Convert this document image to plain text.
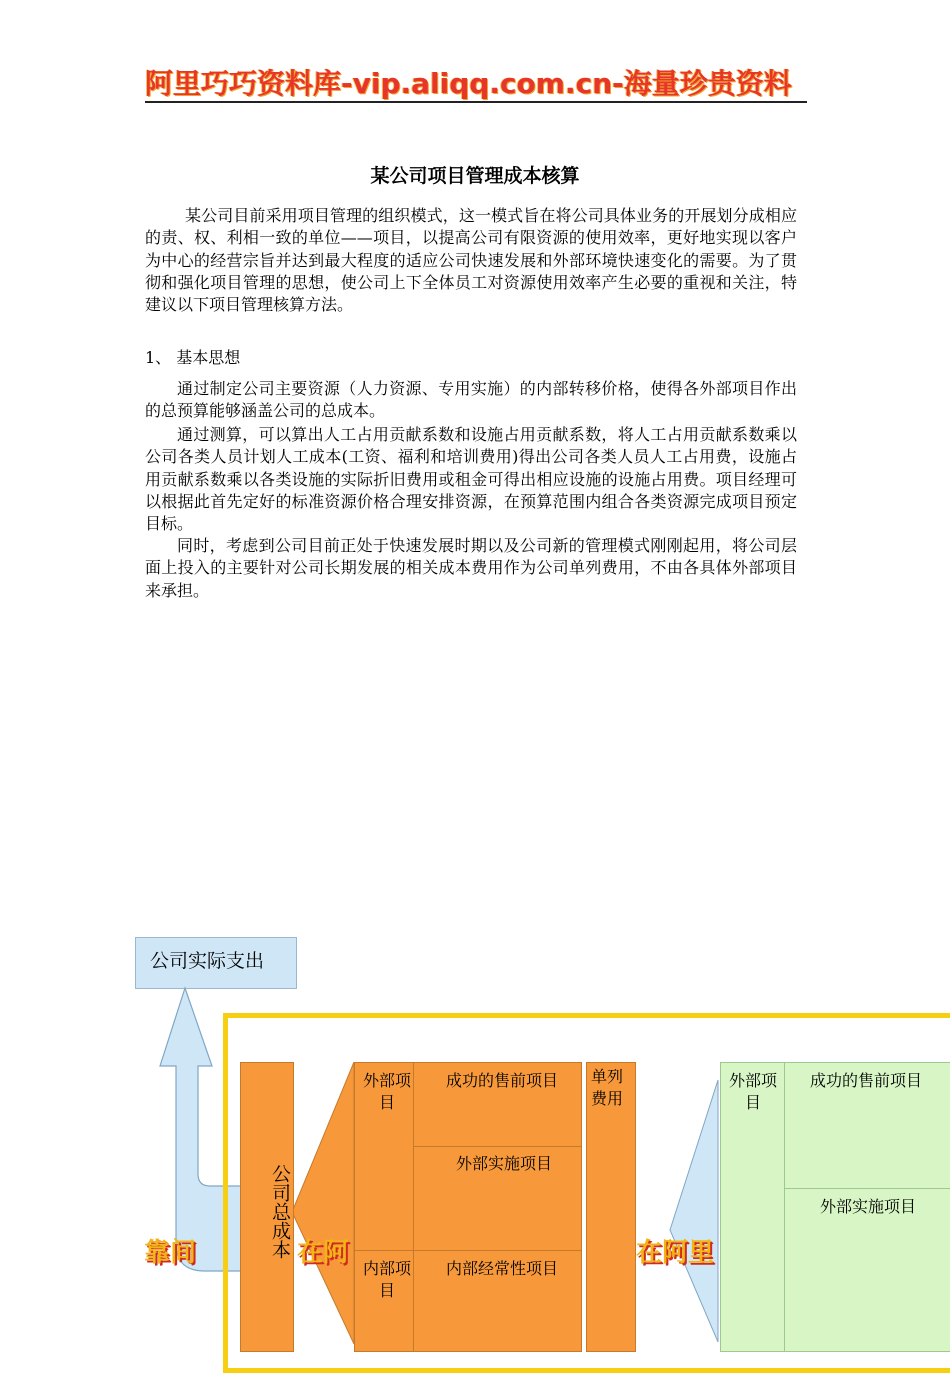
阿里巧巧资料库-vip.aliqq.com.cn-海量珍贵资料
某公司项目管理成本核算

某公司目前采用项目管理的组织模式，这一模式旨在将公司具体业务的开展划分成相应的责、权、利相一致的单位——项目，以提高公司有限资源的使用效率，更好地实现以客户为中心的经营宗旨并达到最大程度的适应公司快速发展和外部环境快速变化的需要。为了贯彻和强化项目管理的思想，使公司上下全体员工对资源使用效率产生必要的重视和关注，特建议以下项目管理核算方法。

1、 基本思想

通过制定公司主要资源（人力资源、专用实施）的内部转移价格，使得各外部项目作出的总预算能够涵盖公司的总成本。

通过测算，可以算出人工占用贡献系数和设施占用贡献系数，将人工占用贡献系数乘以公司各类人员计划人工成本(工资、福利和培训费用)得出公司各类人员人工占用费，设施占用贡献系数乘以各类设施的实际折旧费用或租金可得出相应设施的设施占用费。项目经理可以根据此首先定好的标准资源价格合理安排资源，在预算范围内组合各类资源完成项目预定目标。

同时，考虑到公司目前正处于快速发展时期以及公司新的管理模式刚刚起用，将公司层面上投入的主要针对公司长期发展的相关成本费用作为公司单列费用，不由各具体外部项目来承担。

公司实际支出
公司总成本
外部项目
成功的售前项目
外部实施项目
内部项目
内部经常性项目
单列费用
外部项目
成功的售前项目
外部实施项目
靠间	在阿	在阿里
